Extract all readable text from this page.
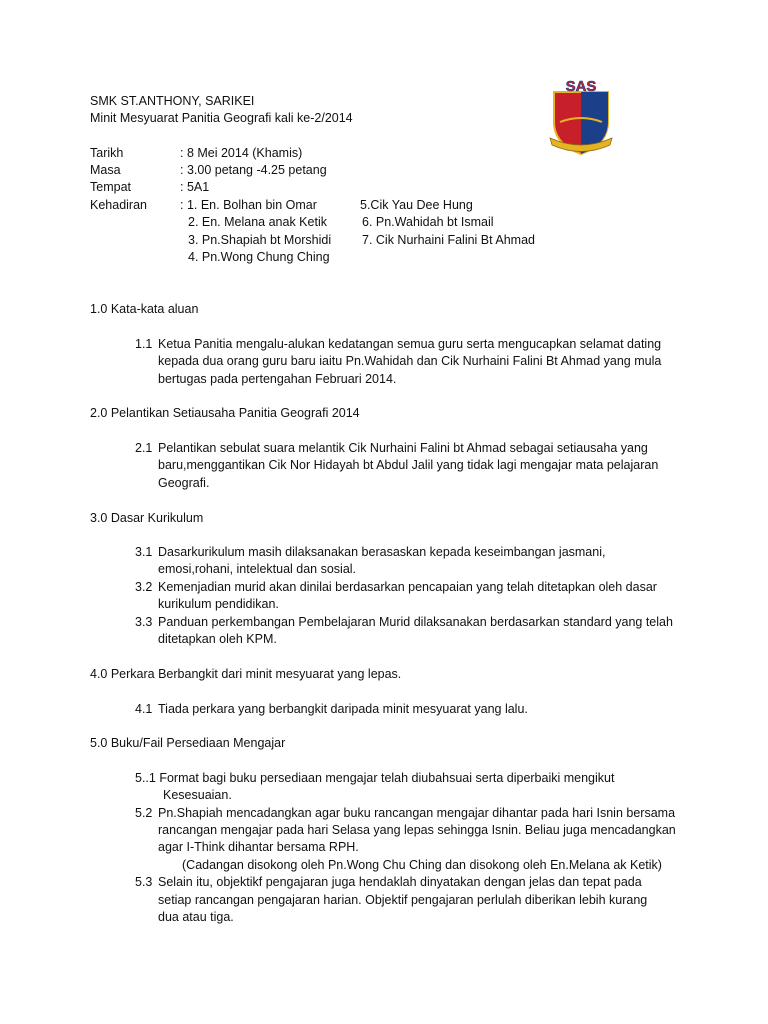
SAS
SMK ST.ANTHONY, SARIKEI
Minit Mesyuarat Panitia Geografi kali ke-2/2014
Tarikh	: 8 Mei 2014 (Khamis)
Masa	: 3.00 petang -4.25 petang
Tempat	: 5A1
Kehadiran	: 1. En. Bolhan bin Omar	5.Cik Yau Dee Hung
2. En. Melana anak Ketik	6. Pn.Wahidah bt Ismail
3. Pn.Shapiah bt Morshidi 7. Cik Nurhaini Falini Bt Ahmad
4. Pn.Wong Chung Ching
1.0 Kata-kata aluan
1.1 Ketua Panitia mengalu-alukan kedatangan semua guru serta mengucapkan selamat dating
kepada dua orang guru baru iaitu Pn.Wahidah dan Cik Nurhaini Falini Bt Ahmad yang mula
bertugas pada pertengahan Februari 2014.
2.0 Pelantikan Setiausaha Panitia Geografi 2014
2.1 Pelantikan sebulat suara melantik Cik Nurhaini Falini bt Ahmad sebagai setiausaha yang
baru,menggantikan Cik Nor Hidayah bt Abdul Jalil yang tidak lagi mengajar mata pelajaran
Geografi.
3.0 Dasar Kurikulum
3.1 Dasarkurikulum masih dilaksanakan berasaskan kepada keseimbangan jasmani,
emosi,rohani, intelektual dan sosial.
3.2 Kemenjadian murid akan dinilai berdasarkan pencapaian yang telah ditetapkan oleh dasar
kurikulum pendidikan.
3.3 Panduan perkembangan Pembelajaran Murid dilaksanakan berdasarkan standard yang telah
ditetapkan oleh KPM.
4.0 Perkara Berbangkit dari minit mesyuarat yang lepas.
4.1 Tiada perkara yang berbangkit daripada minit mesyuarat yang lalu.
5.0 Buku/Fail Persediaan Mengajar
5..1 Format bagi buku persediaan mengajar telah diubahsuai serta diperbaiki mengikut
Kesesuaian.
5.2 Pn.Shapiah mencadangkan agar buku rancangan mengajar dihantar pada hari Isnin bersama
rancangan mengajar pada hari Selasa yang lepas sehingga Isnin. Beliau juga mencadangkan
agar I-Think dihantar bersama RPH.
(Cadangan disokong oleh Pn.Wong Chu Ching dan disokong oleh En.Melana ak Ketik)
5.3 Selain itu, objektikf pengajaran juga hendaklah dinyatakan dengan jelas dan tepat pada
setiap rancangan pengajaran harian. Objektif pengajaran perlulah diberikan lebih kurang
dua atau tiga.
